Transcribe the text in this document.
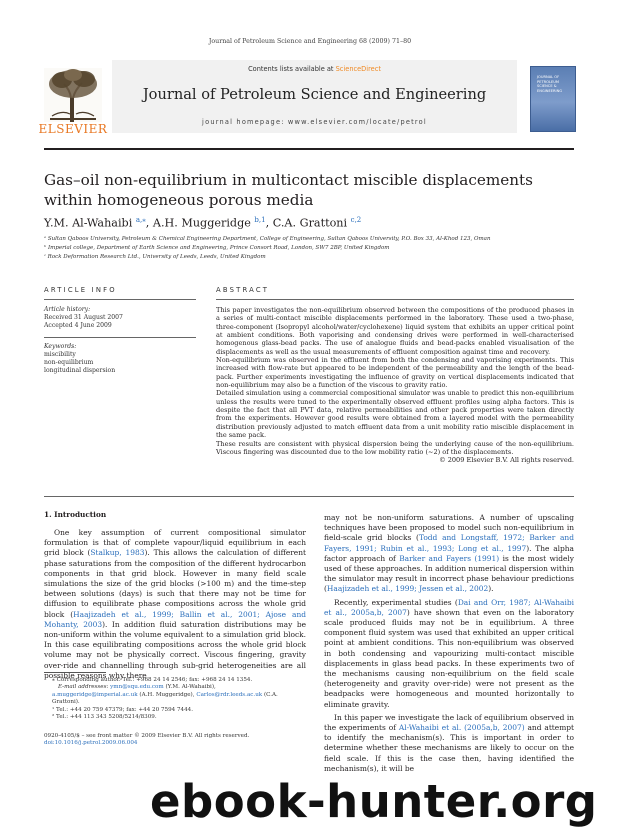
Journal of Petroleum Science and Engineering 68 (2009) 71–80
Contents lists available at ScienceDirect
Journal of Petroleum Science and Engineering
journal homepage: www.elsevier.com/locate/petrol
ELSEVIER
JOURNAL OF PETROLEUM SCIENCE & ENGINEERING
Gas–oil non-equilibrium in multicontact miscible displacements within homogeneous porous media
Y.M. Al-Wahaibi $^{a,⁎}$, A.H. Muggeridge $^{b,1}$, C.A. Grattoni $^{c,2}$
ᵃ Sultan Qaboos University, Petroleum & Chemical Engineering Department, College of Engineering, Sultan Qaboos University, P.O. Box 33, Al-Khod 123, Oman
ᵇ Imperial college, Department of Earth Science and Engineering, Prince Consort Road, London, SW7 2BP, United Kingdom
ᶜ Rock Deformation Research Ltd., University of Leeds, Leeds, United Kingdom
ARTICLE INFO
Article history:
Received 31 August 2007
Accepted 4 June 2009
Keywords:
miscibility
non-equilibrium
longitudinal dispersion
ABSTRACT

This paper investigates the non-equilibrium observed between the compositions of the produced phases in a series of multi-contact miscible displacements performed in the laboratory. These used a two-phase, three-component (Isopropyl alcohol/water/cyclohexene) liquid system that exhibits an upper critical point at ambient conditions. Both vaporising and condensing drives were performed in well-characterised homogenous glass-bead packs. The use of analogue fluids and bead-packs enabled visualisation of the displacements as well as the usual measurements of effluent composition against time and recovery.

Non-equilibrium was observed in the effluent from both the condensing and vaporising experiments. This increased with flow-rate but appeared to be independent of the permeability and the length of the bead-pack. Further experiments investigating the influence of gravity on vertical displacements indicated that non-equilibrium may also be a function of the viscous to gravity ratio.

Detailed simulation using a commercial compositional simulator was unable to predict this non-equilibrium unless the results were tuned to the experimentally observed effluent profiles using alpha factors. This is despite the fact that all PVT data, relative permeabilities and other pack properties were taken directly from the experiments. However good results were obtained from a layered model with the permeability distribution previously adjusted to match effluent data from a unit mobility ratio miscible displacement in the same pack.

These results are consistent with physical dispersion being the underlying cause of the non-equilibrium. Viscous fingering was discounted due to the low mobility ratio (~2) of the displacements.

© 2009 Elsevier B.V. All rights reserved.

1. Introduction

One key assumption of current compositional simulator formulation is that of complete vapour/liquid equilibrium in each grid block (Stalkup, 1983). This allows the calculation of different phase saturations from the composition of the different hydrocarbon components in that grid block. However in many field scale simulations the size of the grid blocks (>100 m) and the time-step between solutions (days) is such that there may not be time for diffusion to equilibrate phase compositions across the whole grid block (Haajizadeh et al., 1999; Ballin et al., 2001; Ajose and Mohanty, 2003). In addition fluid saturation distributions may be non-uniform within the volume equivalent to a simulation grid block. In this case equilibrating compositions across the whole grid block volume may not be physically correct. Viscous fingering, gravity over-ride and channelling through sub-grid heterogeneities are all possible reasons why there

may not be non-uniform saturations. A number of upscaling techniques have been proposed to model such non-equilibrium in field-scale grid blocks (Todd and Longstaff, 1972; Barker and Fayers, 1991; Rubin et al., 1993; Long et al., 1997). The alpha factor approach of Barker and Fayers (1991) is the most widely used of these approaches. In addition numerical dispersion within the simulator may result in incorrect phase behaviour predictions (Haajizadeh et al., 1999; Jessen et al., 2002).

Recently, experimental studies (Dai and Orr, 1987; Al-Wahaibi et al., 2005a,b, 2007) have shown that even on the laboratory scale produced fluids may not be in equilibrium. A three component fluid system was used that exhibited an upper critical point at ambient conditions. This non-equilibrium was observed in both condensing and vapourizing multi-contact miscible displacements in glass bead packs. In these experiments two of the mechanisms causing non-equilibrium on the field scale (heterogeneity and gravity over-ride) were not present as the beadpacks were homogeneous and mounted horizontally to eliminate gravity.

In this paper we investigate the lack of equilibrium observed in the experiments of Al-Wahaibi et al. (2005a,b, 2007) and attempt to identify the mechanism(s). This is important in order to determine whether these mechanisms are likely to occur on the field scale. If this is the case then, having identified the mechanism(s), it will be

⁎ Corresponding author. Tel.: +968 24 14 2546; fax: +968 24 14 1354.

E-mail addresses: ymn@squ.edu.com (Y.M. Al-Wahaibi),

a.muggeridge@imperial.ac.uk (A.H. Muggeridge), Carlos@rdr.leeds.ac.uk (C.A. Grattoni).

¹ Tel.: +44 20 759 47379; fax: +44 20 7594 7444.

² Tel.: +44 113 343 5208/5214/8309.

0920-4105/$ – see front matter © 2009 Elsevier B.V. All rights reserved.

doi:10.1016/j.petrol.2009.06.004

ebook-hunter.org
